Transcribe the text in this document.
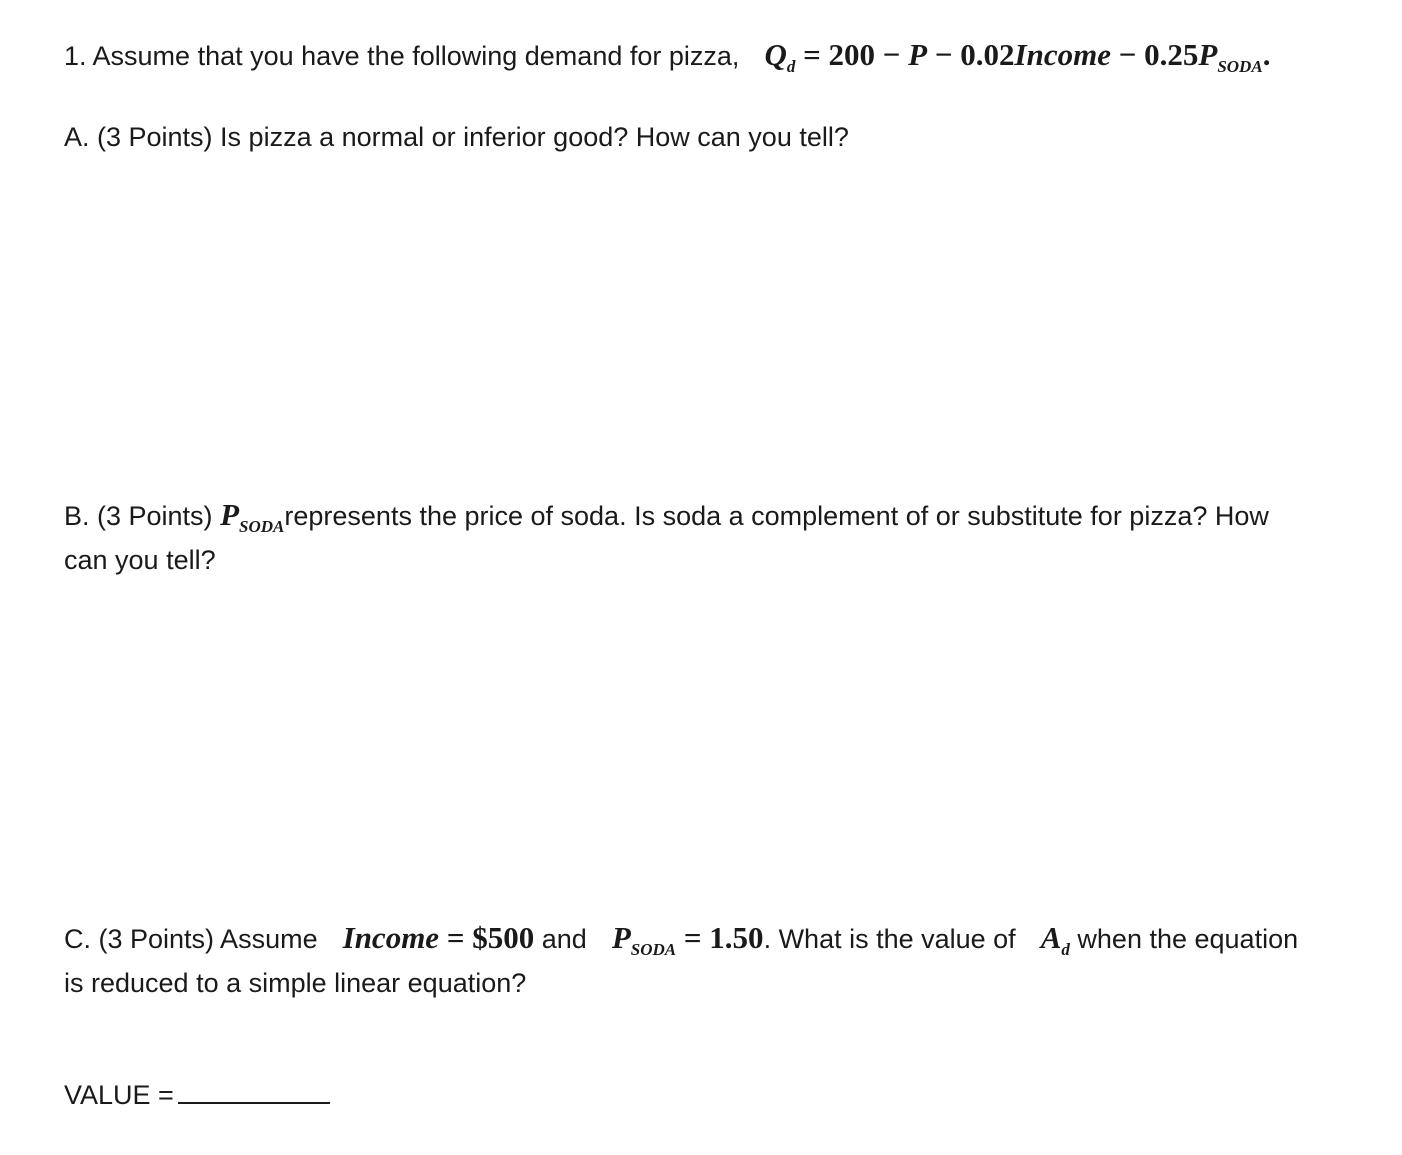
1. Assume that you have the following demand for pizza, $Q_d = 200 - P$ − 0.02Income − $0.25P_{SODA}$.
A. (3 Points) Is pizza a normal or inferior good? How can you tell?
B. (3 Points) $P_{SODA}represents$ the price of soda. Is soda a complement of or substitute for pizza? How
can you tell?
C. (3 Points) Assume Income = $500 and $P_{SODA} = 1.50$. What is the value of $A_d$ when the equation
is reduced to a simple linear equation?
VALUE =
